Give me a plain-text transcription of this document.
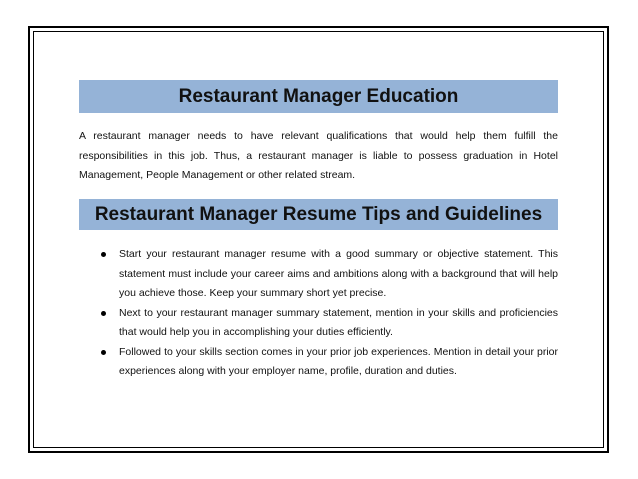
Restaurant Manager Education
A restaurant manager needs to have relevant qualifications that would help them fulfill the responsibilities in this job. Thus, a restaurant manager is liable to possess graduation in Hotel Management, People Management or other related stream.
Restaurant Manager Resume Tips and Guidelines
Start your restaurant manager resume with a good summary or objective statement. This statement must include your career aims and ambitions along with a background that will help you achieve those. Keep your summary short yet precise.
Next to your restaurant manager summary statement, mention in your skills and proficiencies that would help you in accomplishing your duties efficiently.
Followed to your skills section comes in your prior job experiences. Mention in detail your prior experiences along with your employer name, profile, duration and duties.
